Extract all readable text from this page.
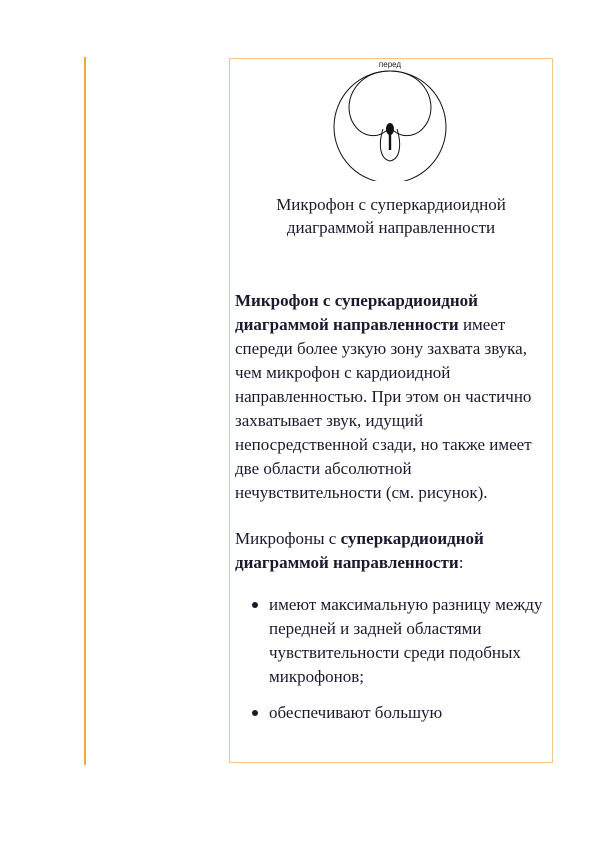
перед
Микрофон с суперкардиоидной
диаграммой направленности

Микрофон с суперкардиоидной диаграммой направленности имеет спереди более узкую зону захвата звука, чем микрофон с кардиоидной направленностью. При этом он частично захватывает звук, идущий непосредственной сзади, но также имеет две области абсолютной нечувствительности (см. рисунок).

Микрофоны с суперкардиоидной диаграммой направленности:

имеют максимальную разницу между передней и задней областями чувствительности среди подобных микрофонов;
обеспечивают большую
